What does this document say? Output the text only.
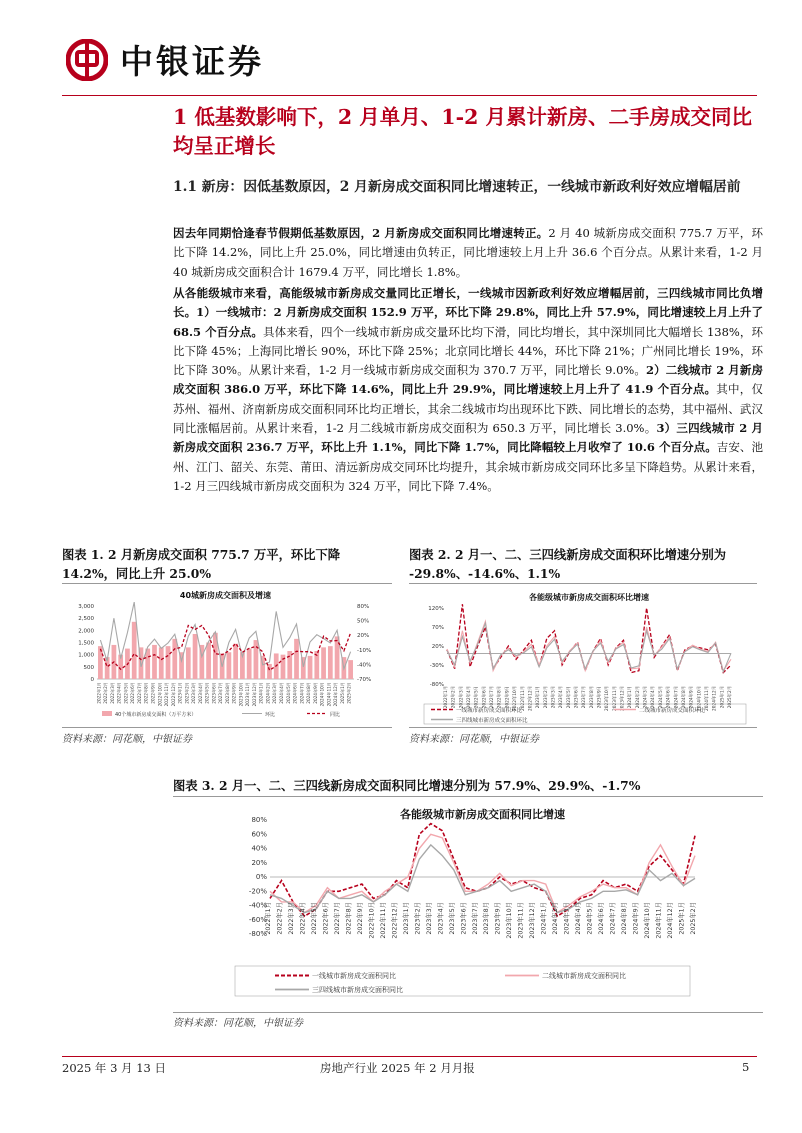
中银证券
1 低基数影响下，2 月单月、1-2 月累计新房、二手房成交同比均呈正增长
1.1 新房：因低基数原因，2 月新房成交面积同比增速转正，一线城市新政利好效应增幅居前
因去年同期恰逢春节假期低基数原因，2 月新房成交面积同比增速转正。2 月 40 城新房成交面积 775.7 万平，环比下降 14.2%，同比上升 25.0%，同比增速由负转正，同比增速较上月上升 36.6 个百分点。从累计来看，1-2 月 40 城新房成交面积合计 1679.4 万平，同比增长 1.8%。
从各能级城市来看，高能级城市新房成交量同比正增长，一线城市因新政利好效应增幅居前，三四线城市同比负增长。1）一线城市：2 月新房成交面积 152.9 万平，环比下降 29.8%，同比上升 57.9%，同比增速较上月上升了 68.5 个百分点。具体来看，四个一线城市新房成交量环比均下滑，同比均增长，其中深圳同比大幅增长 138%，环比下降 45%；上海同比增长 90%，环比下降 25%；北京同比增长 44%，环比下降 21%；广州同比增长 19%，环比下降 30%。从累计来看，1-2 月一线城市新房成交面积为 370.7 万平，同比增长 9.0%。2）二线城市 2 月新房成交面积 386.0 万平，环比下降 14.6%，同比上升 29.9%，同比增速较上月上升了 41.9 个百分点。其中，仅苏州、福州、济南新房成交面积同环比均正增长，其余二线城市均出现环比下跌、同比增长的态势，其中福州、武汉同比涨幅居前。从累计来看，1-2 月二线城市新房成交面积为 650.3 万平，同比增长 3.0%。3）三四线城市 2 月新房成交面积 236.7 万平，环比上升 1.1%，同比下降 1.7%，同比降幅较上月收窄了 10.6 个百分点。吉安、池州、江门、韶关、东莞、莆田、清远新房成交同环比均提升，其余城市新房成交同环比多呈下降趋势。从累计来看，1-2 月三四线城市新房成交面积为 324 万平，同比下降 7.4%。
图表 1. 2 月新房成交面积 775.7 万平，环比下降 14.2%，同比上升 25.0%
图表 2. 2 月一、二、三四线新房成交面积环比增速分别为 -29.8%、-14.6%、1.1%
40城新房成交面积及增速
0
500
1,000
1,500
2,000
2,500
3,000
-70%
-40%
-10%
20%
50%
80%
2022年1月 2022年2月 2022年3月 2022年4月 2022年5月 2022年6月 2022年7月 2022年8月 2022年9月 2022年10月 2022年11月 2022年12月 2023年1月 2023年2月 2023年3月 2023年4月 2023年5月 2023年6月 2023年7月 2023年8月 2023年9月 2023年10月 2023年11月 2023年12月 2024年1月 2024年2月 2024年3月 2024年4月 2024年5月 2024年6月 2024年7月 2024年8月 2024年9月 2024年10月 2024年11月 2024年12月 2025年1月 2025年2月
40个城市新房成交面积（万平方米）	环比	同比
各能级城市新房成交面积环比增速
-80%
-30%
20%
70%
120%
2022年1月 2022年2月 2022年3月 2022年4月 2022年5月 2022年6月 2022年7月 2022年8月 2022年9月 2022年10月 2022年11月 2022年12月 2023年1月 2023年2月 2023年3月 2023年4月 2023年5月 2023年6月 2023年7月 2023年8月 2023年9月 2023年10月 2023年11月 2023年12月 2024年1月 2024年2月 2024年3月 2024年4月 2024年5月 2024年6月 2024年7月 2024年8月 2024年9月 2024年10月 2024年11月 2024年12月 2025年1月 2025年2月
一线城市新房成交面积环比	二线城市新房成交面积环比
三四线城市新房成交面积环比
资料来源：同花顺，中银证券	资料来源：同花顺，中银证券
图表 3. 2 月一、二、三四线新房成交面积同比增速分别为 57.9%、29.9%、-1.7%
各能级城市新房成交面积同比增速
-80%
-60%
-40%
-20%
0%
20%
40%
60%
80%
2022年1月 2022年2月 2022年3月 2022年4月 2022年5月 2022年6月 2022年7月 2022年8月 2022年9月 2022年10月 2022年11月 2022年12月 2023年1月 2023年2月 2023年3月 2023年4月 2023年5月 2023年6月 2023年7月 2023年8月 2023年9月 2023年10月 2023年11月 2023年12月 2024年1月 2024年2月 2024年3月 2024年4月 2024年5月 2024年6月 2024年7月 2024年8月 2024年9月 2024年10月 2024年11月 2024年12月 2025年1月 2025年2月
一线城市新房成交面积同比	二线城市新房成交面积同比
三四线城市新房成交面积同比
资料来源：同花顺，中银证券
2025 年 3 月 13 日	房地产行业 2025 年 2 月月报	5
